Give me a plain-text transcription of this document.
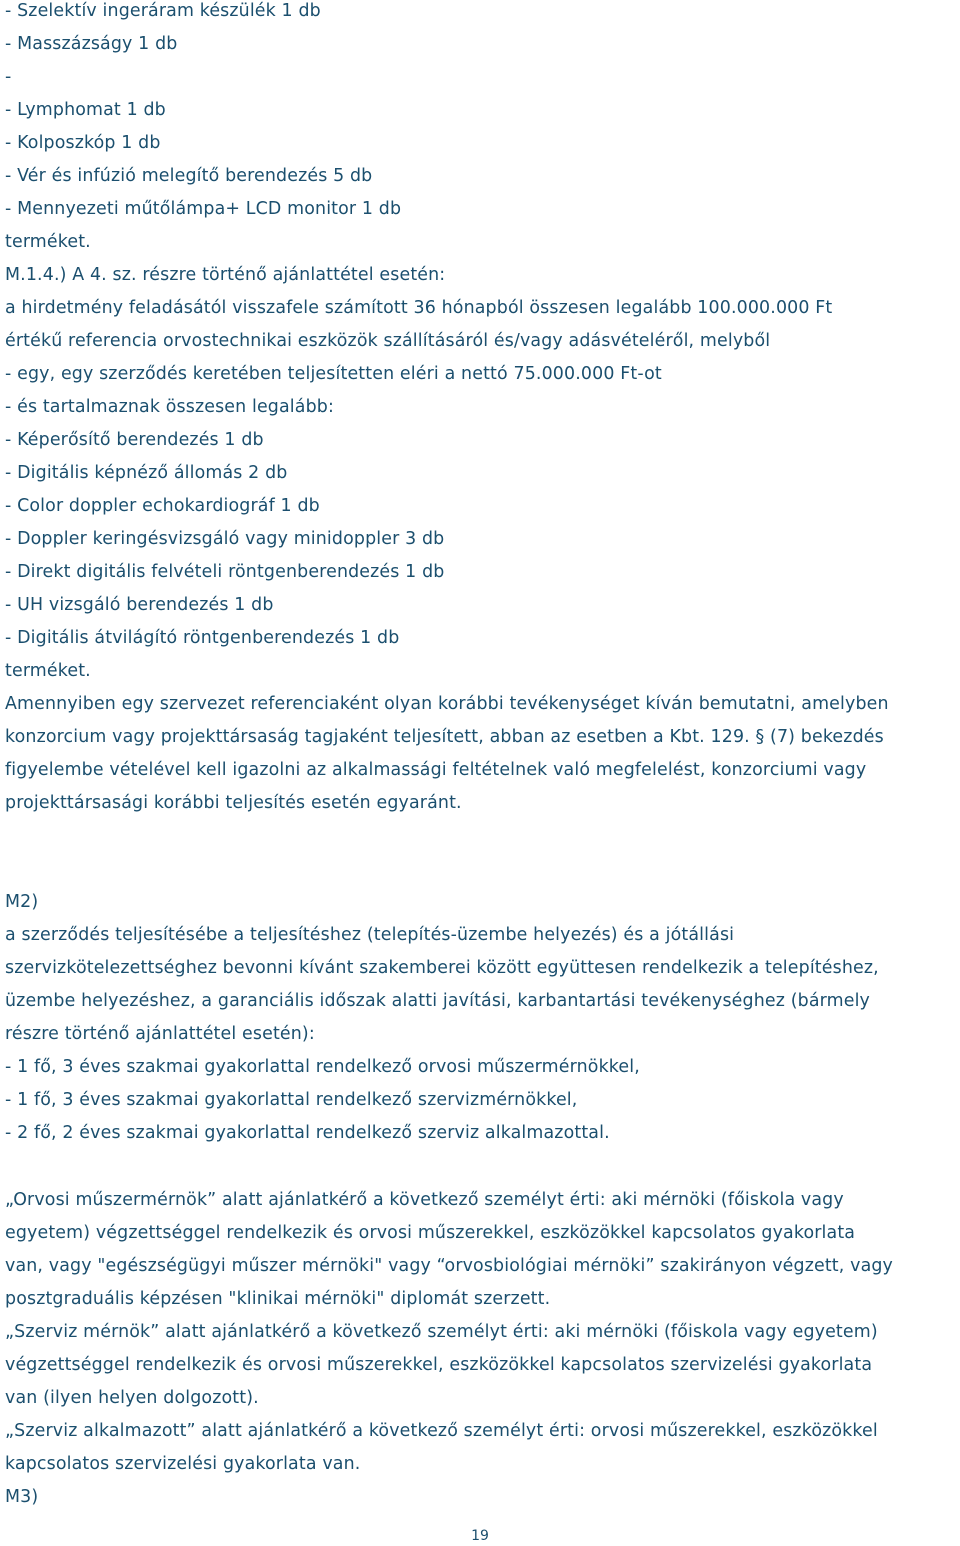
- Szelektív ingeráram készülék 1 db
- Masszázságy 1 db
-
- Lymphomat 1 db
- Kolposzkóp 1 db
- Vér és infúzió melegítő berendezés 5 db
- Mennyezeti műtőlámpa+ LCD monitor 1 db
terméket.
M.1.4.) A 4. sz. részre történő ajánlattétel esetén:
a hirdetmény feladásától visszafele számított 36 hónapból összesen legalább 100.000.000 Ft
értékű referencia orvostechnikai eszközök szállításáról és/vagy adásvételéről, melyből
- egy, egy szerződés keretében teljesítetten eléri a nettó 75.000.000 Ft-ot
- és tartalmaznak összesen legalább:
- Képerősítő berendezés 1 db
- Digitális képnéző állomás 2 db
- Color doppler echokardiográf 1 db
- Doppler keringésvizsgáló vagy minidoppler 3 db
- Direkt digitális felvételi röntgenberendezés 1 db
- UH vizsgáló berendezés 1 db
- Digitális átvilágító röntgenberendezés 1 db
terméket.
Amennyiben egy szervezet referenciaként olyan korábbi tevékenységet kíván bemutatni, amelyben
konzorcium vagy projekttársaság tagjaként teljesített, abban az esetben a Kbt. 129. § (7) bekezdés
figyelembe vételével kell igazolni az alkalmassági feltételnek való megfelelést, konzorciumi vagy
projekttársasági korábbi teljesítés esetén egyaránt.
M2)
a szerződés teljesítésébe a teljesítéshez (telepítés-üzembe helyezés) és a jótállási
szervizkötelezettséghez bevonni kívánt szakemberei között együttesen rendelkezik a telepítéshez,
üzembe helyezéshez, a garanciális időszak alatti javítási, karbantartási tevékenységhez (bármely
részre történő ajánlattétel esetén):
- 1 fő, 3 éves szakmai gyakorlattal rendelkező orvosi műszermérnökkel,
- 1 fő, 3 éves szakmai gyakorlattal rendelkező szervizmérnökkel,
- 2 fő, 2 éves szakmai gyakorlattal rendelkező szerviz alkalmazottal.
„Orvosi műszermérnök” alatt ajánlatkérő a következő személyt érti: aki mérnöki (főiskola vagy
egyetem) végzettséggel rendelkezik és orvosi műszerekkel, eszközökkel kapcsolatos gyakorlata
van, vagy "egészségügyi műszer mérnöki" vagy “orvosbiológiai mérnöki” szakirányon végzett, vagy
posztgraduális képzésen "klinikai mérnöki" diplomát szerzett.
„Szerviz mérnök” alatt ajánlatkérő a következő személyt érti: aki mérnöki (főiskola vagy egyetem)
végzettséggel rendelkezik és orvosi műszerekkel, eszközökkel kapcsolatos szervizelési gyakorlata
van (ilyen helyen dolgozott).
„Szerviz alkalmazott” alatt ajánlatkérő a következő személyt érti: orvosi műszerekkel, eszközökkel
kapcsolatos szervizelési gyakorlata van.
M3)
19
